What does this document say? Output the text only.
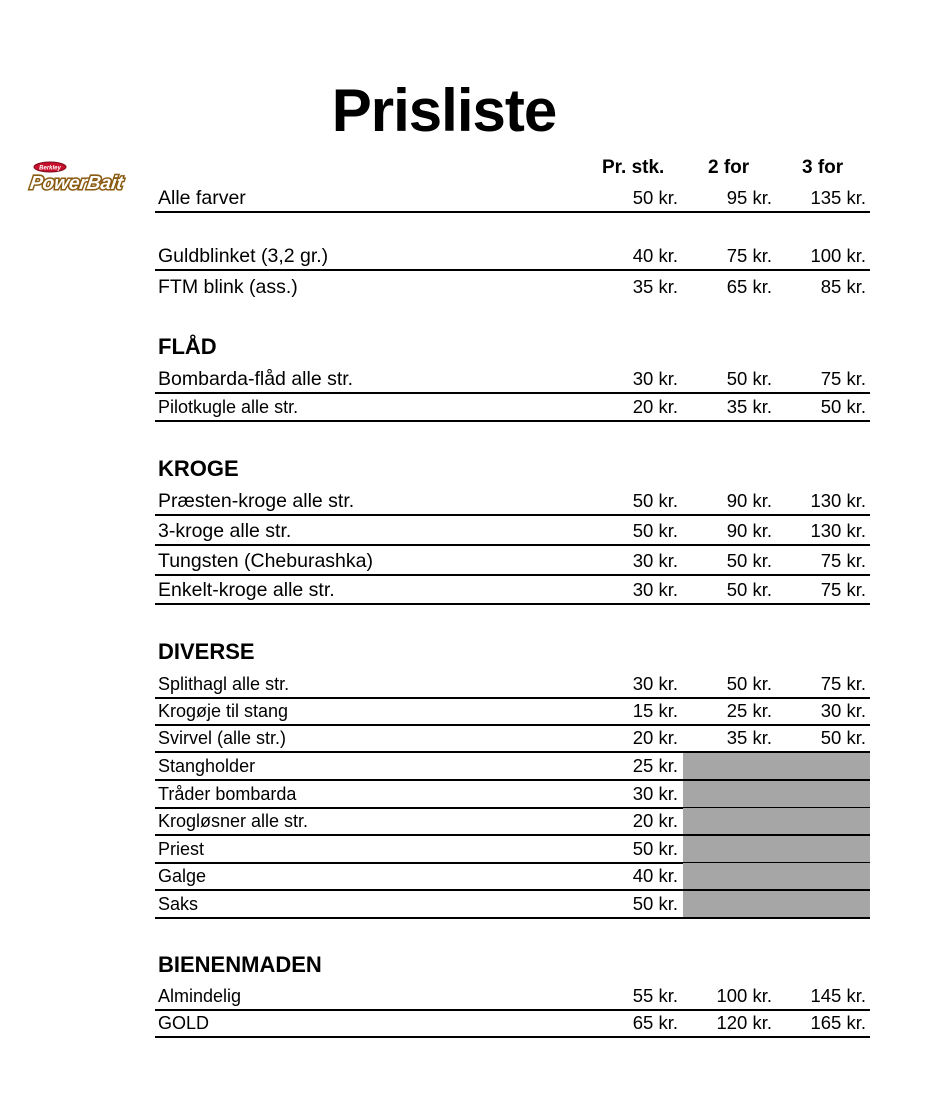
Prisliste
Berkley
PowerBait
Pr. stk. 2 for	3 for
Alle farver	50 kr.	95 kr. 135 kr.
Guldblinket (3,2 gr.)	40 kr.	75 kr. 100 kr.
FTM blink (ass.)	35 kr.	65 kr.	85 kr.
FLÅD
Bombarda-flåd alle str.	30 kr.	50 kr.	75 kr.
Pilotkugle alle str.	20 kr.	35 kr.	50 kr.
KROGE
Præsten-kroge alle str.	50 kr.	90 kr. 130 kr.
3-kroge alle str.	50 kr.	90 kr. 130 kr.
Tungsten (Cheburashka)	30 kr.	50 kr.	75 kr.
Enkelt-kroge alle str.	30 kr.	50 kr.	75 kr.
DIVERSE
Splithagl alle str.	30 kr.	50 kr.	75 kr.
Krogøje til stang	15 kr.	25 kr.	30 kr.
Svirvel (alle str.)	20 kr.	35 kr.	50 kr.
Stangholder	25 kr.
Tråder bombarda	30 kr.
Krogløsner alle str.	20 kr.
Priest	50 kr.
Galge	40 kr.
Saks	50 kr.
BIENENMADEN
Almindelig	55 kr. 100 kr. 145 kr.
GOLD	65 kr. 120 kr. 165 kr.
